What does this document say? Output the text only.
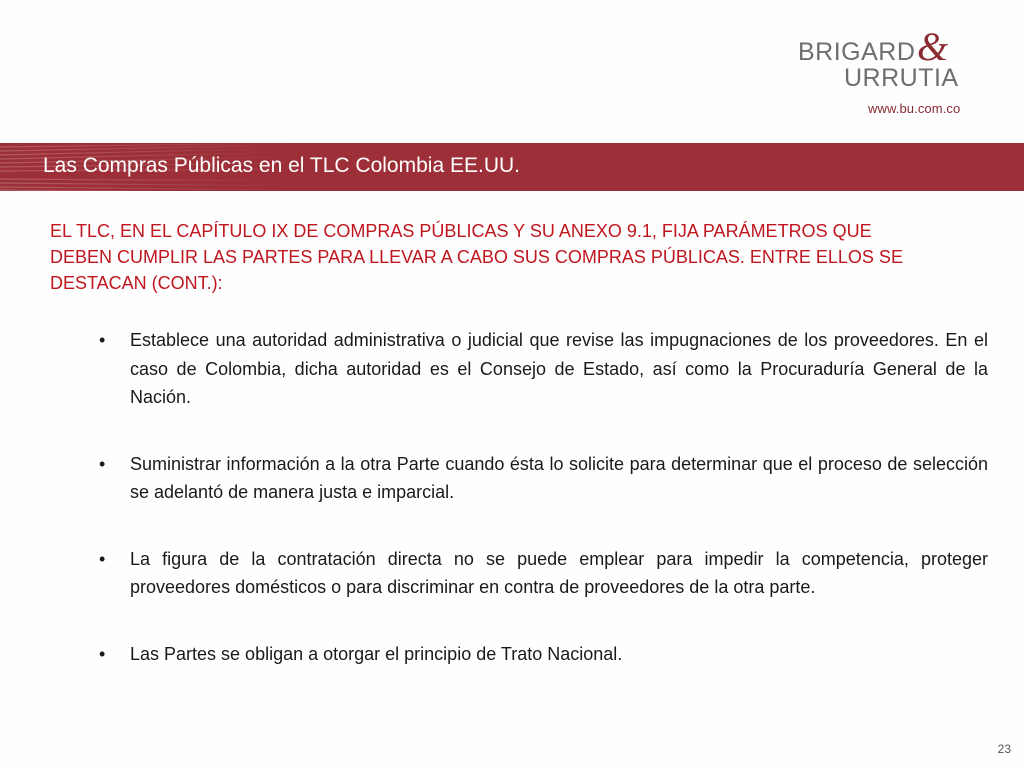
BRIGARD &
URRUTIA
www.bu.com.co
Las Compras Públicas en el TLC Colombia EE.UU.
EL TLC, EN EL CAPÍTULO IX DE COMPRAS PÚBLICAS Y SU ANEXO 9.1, FIJA PARÁMETROS QUE DEBEN CUMPLIR LAS PARTES PARA LLEVAR A CABO SUS COMPRAS PÚBLICAS. ENTRE ELLOS SE DESTACAN (CONT.):
• Establece una autoridad administrativa o judicial que revise las impugnaciones de los proveedores. En el caso de Colombia, dicha autoridad es el Consejo de Estado, así como la Procuraduría General de la Nación.
• Suministrar información a la otra Parte cuando ésta lo solicite para determinar que el proceso de selección se adelantó de manera justa e imparcial.
• La figura de la contratación directa no se puede emplear para impedir la competencia, proteger proveedores domésticos o para discriminar en contra de proveedores de la otra parte.
• Las Partes se obligan a otorgar el principio de Trato Nacional.
23
